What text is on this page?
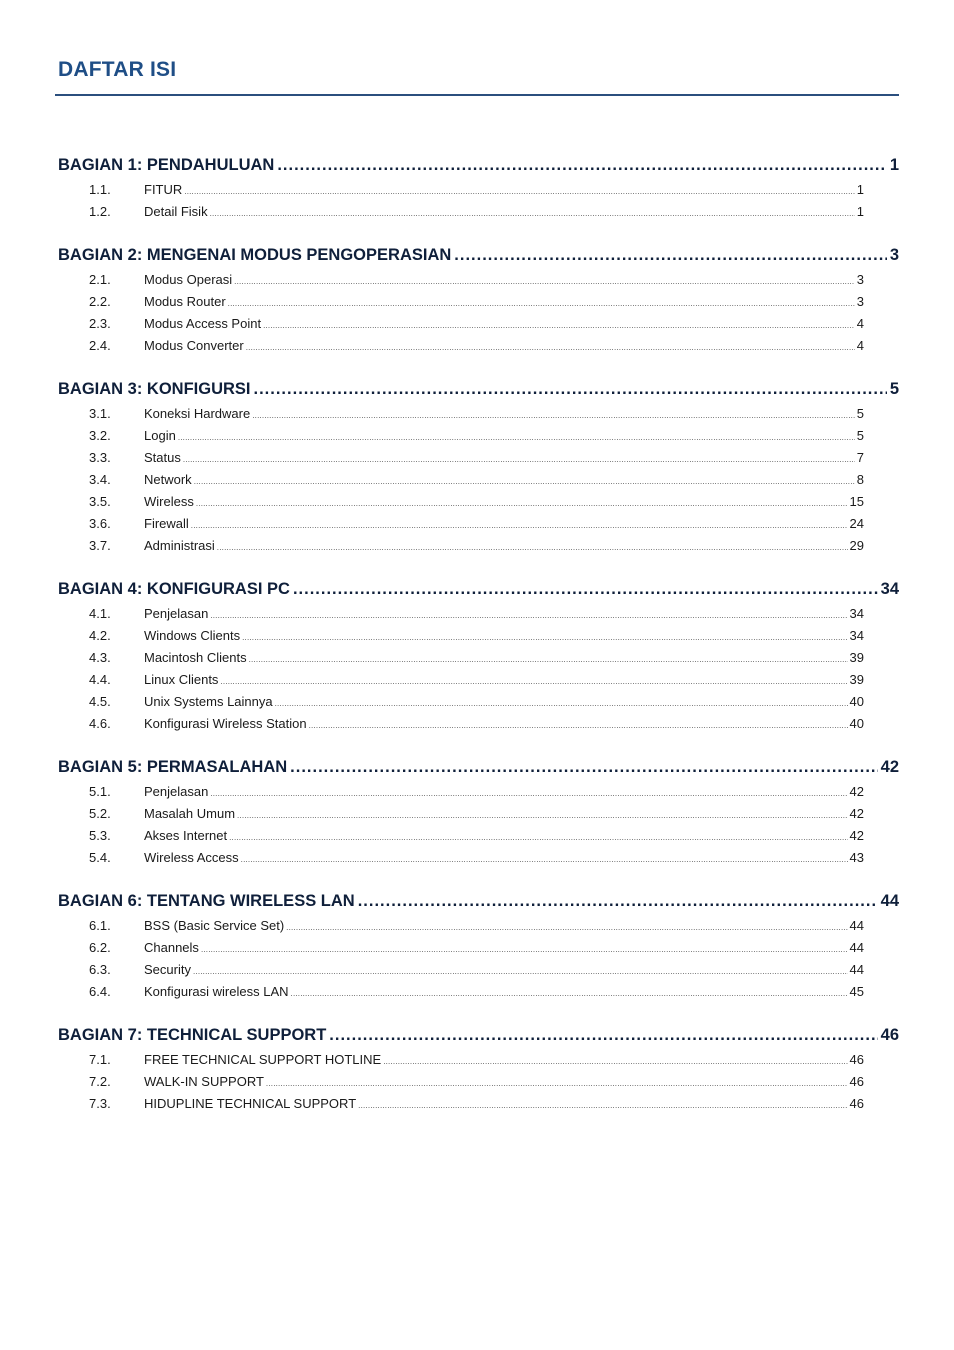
DAFTAR ISI
BAGIAN 1: PENDAHULUAN .....	1
1.1.	FITUR .....	1
1.2.	Detail Fisik .....	1
BAGIAN 2: MENGENAI MODUS PENGOPERASIAN .....	3
2.1.	Modus Operasi .....	3
2.2.	Modus Router .....	3
2.3.	Modus Access Point .....	4
2.4.	Modus Converter .....	4
BAGIAN 3: KONFIGURSI .....	5
3.1.	Koneksi Hardware .....	5
3.2.	Login .....	5
3.3.	Status .....	7
3.4.	Network .....	8
3.5.	Wireless .....	15
3.6.	Firewall .....	24
3.7.	Administrasi .....	29
BAGIAN 4: KONFIGURASI PC .....	34
4.1.	Penjelasan .....	34
4.2.	Windows Clients .....	34
4.3.	Macintosh Clients .....	39
4.4.	Linux Clients .....	39
4.5.	Unix Systems Lainnya .....	40
4.6.	Konfigurasi Wireless Station .....	40
BAGIAN 5: PERMASALAHAN .....	42
5.1.	Penjelasan .....	42
5.2.	Masalah Umum .....	42
5.3.	Akses Internet .....	42
5.4.	Wireless Access .....	43
BAGIAN 6: TENTANG WIRELESS LAN .....	44
6.1.	BSS (Basic Service Set) .....	44
6.2.	Channels .....	44
6.3.	Security .....	44
6.4.	Konfigurasi wireless LAN .....	45
BAGIAN 7: TECHNICAL SUPPORT .....	46
7.1.	FREE TECHNICAL SUPPORT HOTLINE .....	46
7.2.	WALK-IN SUPPORT .....	46
7.3.	HIDUPLINE TECHNICAL SUPPORT .....	46
